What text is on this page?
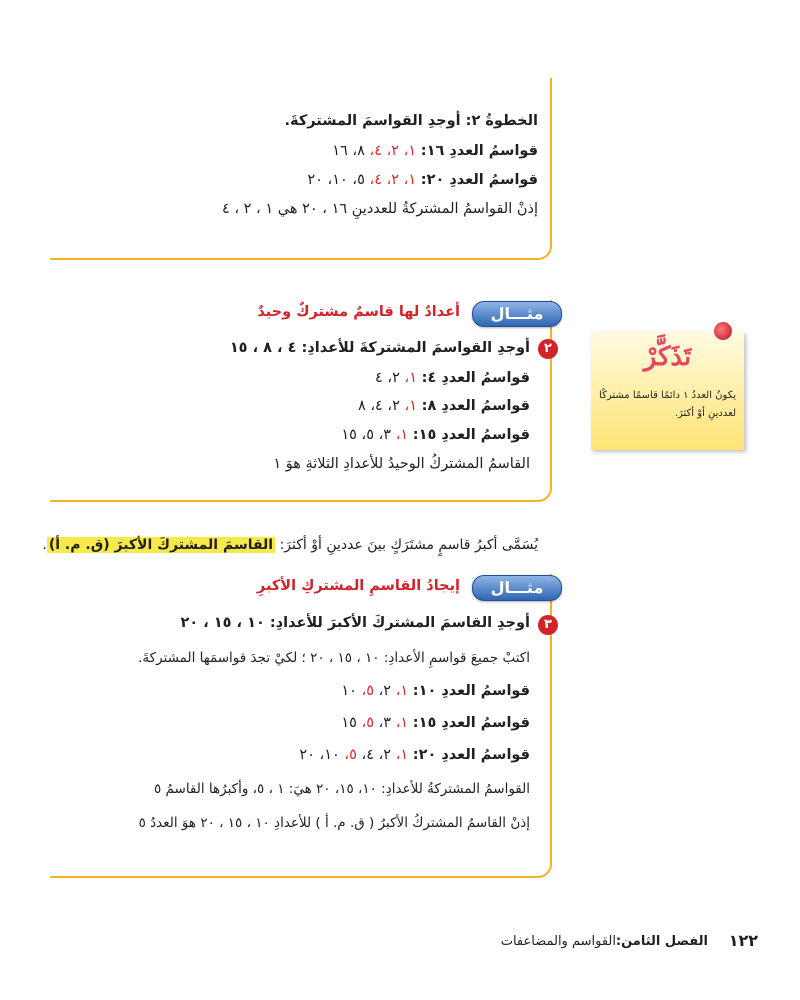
الخطوةُ ٢: أوجدِ القواسمَ المشتركةَ.
قواسمُ العددِ ١٦: ١، ٢، ٤، ٨، ١٦
قواسمُ العددِ ٢٠: ١، ٢، ٤، ٥، ١٠، ٢٠
إذنْ القواسمُ المشتركةُ للعددينِ ١٦ ، ٢٠ هي ١ ، ٢ ، ٤
مثـــال
أعدادٌ لها قاسمٌ مشتركٌ وحيدٌ
٢
أوجدِ القواسمَ المشتركةَ للأعدادِ: ٤ ، ٨ ، ١٥
قواسمُ العددِ ٤: ١، ٢، ٤
قواسمُ العددِ ٨: ١، ٢، ٤، ٨
قواسمُ العددِ ١٥: ١، ٣، ٥، ١٥
القاسمُ المشتركُ الوحيدُ للأعدادِ الثلاثةِ هوَ ١
تَذَكَّرْ
يكونُ العددُ ١ دائمًا قاسمًا مشتركًا لعددينِ أوْ أكثرَ.
يُسَمَّى أكبرُ قاسمٍ مشتَرَكٍ بينَ عددينِ أوْ أكثرَ: القاسمَ المشتركَ الأكبرَ (ق. م. أ).
مثـــال
إيجادُ القاسمِ المشتركِ الأكبرِ
٣
أوجدِ القاسمَ المشتركَ الأكبرَ للأعدادِ: ١٠ ، ١٥ ، ٢٠
اكتبْ جميعَ قواسمِ الأعدادِ: ١٠ ، ١٥ ، ٢٠ ؛ لكيْ تجدَ قواسمَها المشتركةَ.
قواسمُ العددِ ١٠: ١، ٢، ٥، ١٠
قواسمُ العددِ ١٥: ١، ٣، ٥، ١٥
قواسمُ العددِ ٢٠: ١، ٢، ٤، ٥، ١٠، ٢٠
القواسمُ المشتركةُ للأعدادِ: ١٠، ١٥، ٢٠ هيَ: ١ ، ٥، وأكبرُها القاسمُ ٥
إذنْ القاسمُ المشتركُ الأكبرُ ( ق. م. أ ) للأعدادِ ١٠ ، ١٥ ، ٢٠ هوَ العددُ ٥
١٢٢
الفصل الثامن:
القواسم والمضاعفات
